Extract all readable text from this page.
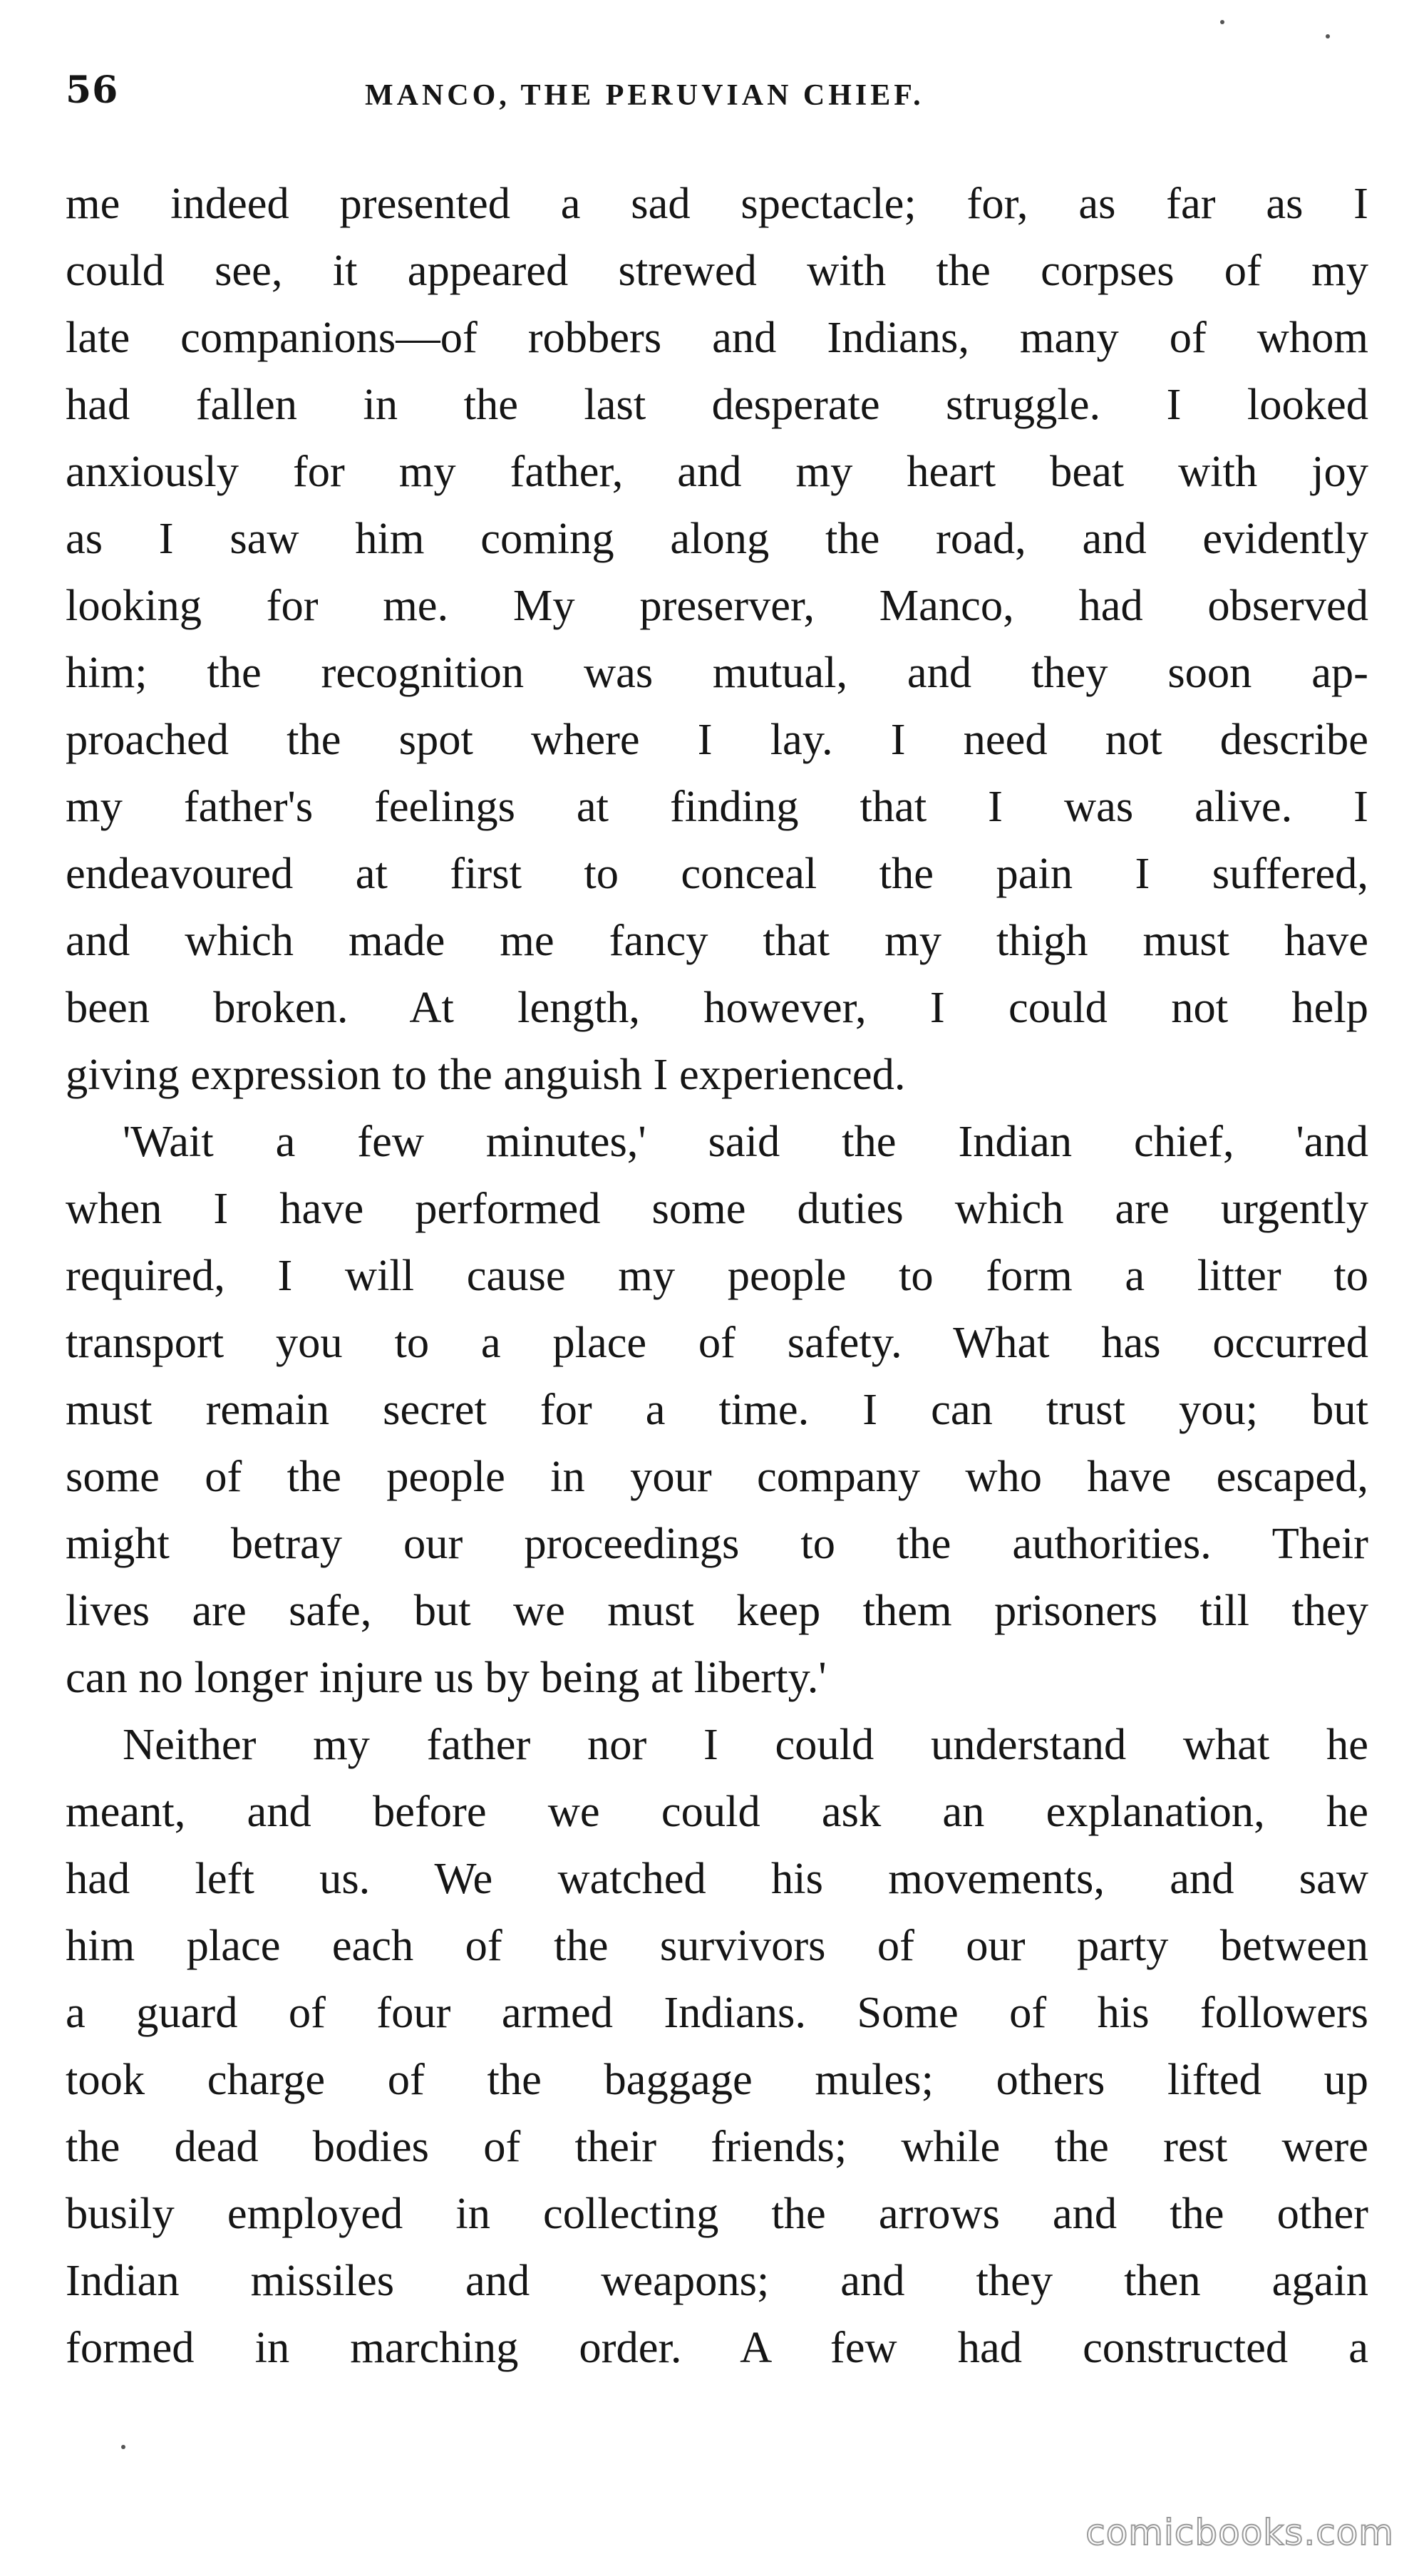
56	MANCO, THE PERUVIAN CHIEF.
me indeed presented a sad spectacle; for, as far as I
could see, it appeared strewed with the corpses of my
late companions—of robbers and Indians, many of whom
had fallen in the last desperate struggle. I looked
anxiously for my father, and my heart beat with joy
as I saw him coming along the road, and evidently
looking for me. My preserver, Manco, had observed
him; the recognition was mutual, and they soon ap-
proached the spot where I lay. I need not describe
my father's feelings at finding that I was alive. I
endeavoured at first to conceal the pain I suffered,
and which made me fancy that my thigh must have
been broken. At length, however, I could not help
giving expression to the anguish I experienced.
'Wait a few minutes,' said the Indian chief, 'and
when I have performed some duties which are urgently
required, I will cause my people to form a litter to
transport you to a place of safety. What has occurred
must remain secret for a time. I can trust you; but
some of the people in your company who have escaped,
might betray our proceedings to the authorities. Their
lives are safe, but we must keep them prisoners till they
can no longer injure us by being at liberty.'
Neither my father nor I could understand what he
meant, and before we could ask an explanation, he
had left us. We watched his movements, and saw
him place each of the survivors of our party between
a guard of four armed Indians. Some of his followers
took charge of the baggage mules; others lifted up
the dead bodies of their friends; while the rest were
busily employed in collecting the arrows and the other
Indian missiles and weapons; and they then again
formed in marching order. A few had constructed a
comicbooks.com
